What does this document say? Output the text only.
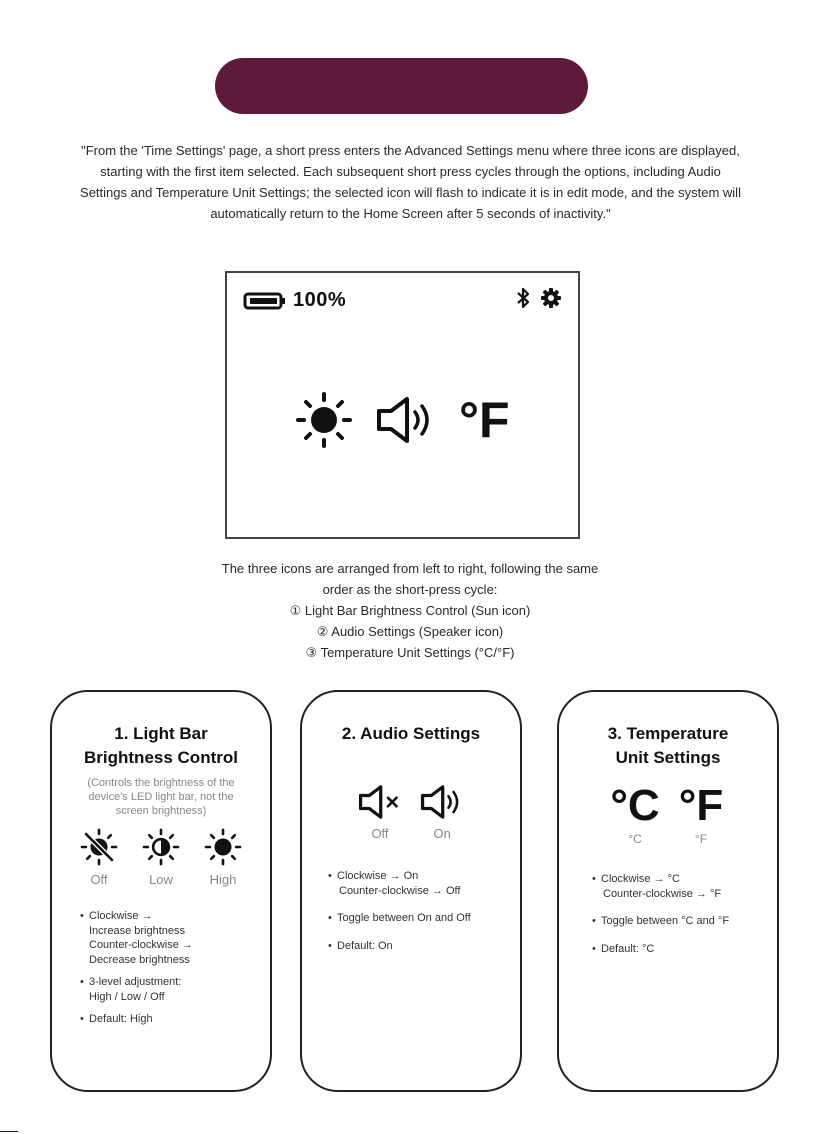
"From the 'Time Settings' page, a short press enters the Advanced Settings menu where three icons are displayed, starting with the first item selected. Each subsequent short press cycles through the options, including Audio Settings and Temperature Unit Settings; the selected icon will flash to indicate it is in edit mode, and the system will automatically return to the Home Screen after 5 seconds of inactivity."
100%
°F
The three icons are arranged from left to right, following the same
order as the short-press cycle:
① Light Bar Brightness Control (Sun icon)
② Audio Settings (Speaker icon)
③ Temperature Unit Settings (°C/°F)
1. Light Bar
Brightness Control
(Controls the brightness of the device's LED light bar, not the screen brightness)
Off	Low	High
• Clockwise →
Increase brightness
Counter-clockwise →
Decrease brightness
• 3-level adjustment:
High / Low / Off
• Default: High
2. Audio Settings
Off	On
• Clockwise → On
Counter-clockwise → Off
• Toggle between On and Off
• Default: On
3. Temperature
Unit Settings
°C
°C
°F
°F
• Clockwise → °C
Counter-clockwise → °F
• Toggle between °C and °F
• Default: °C
